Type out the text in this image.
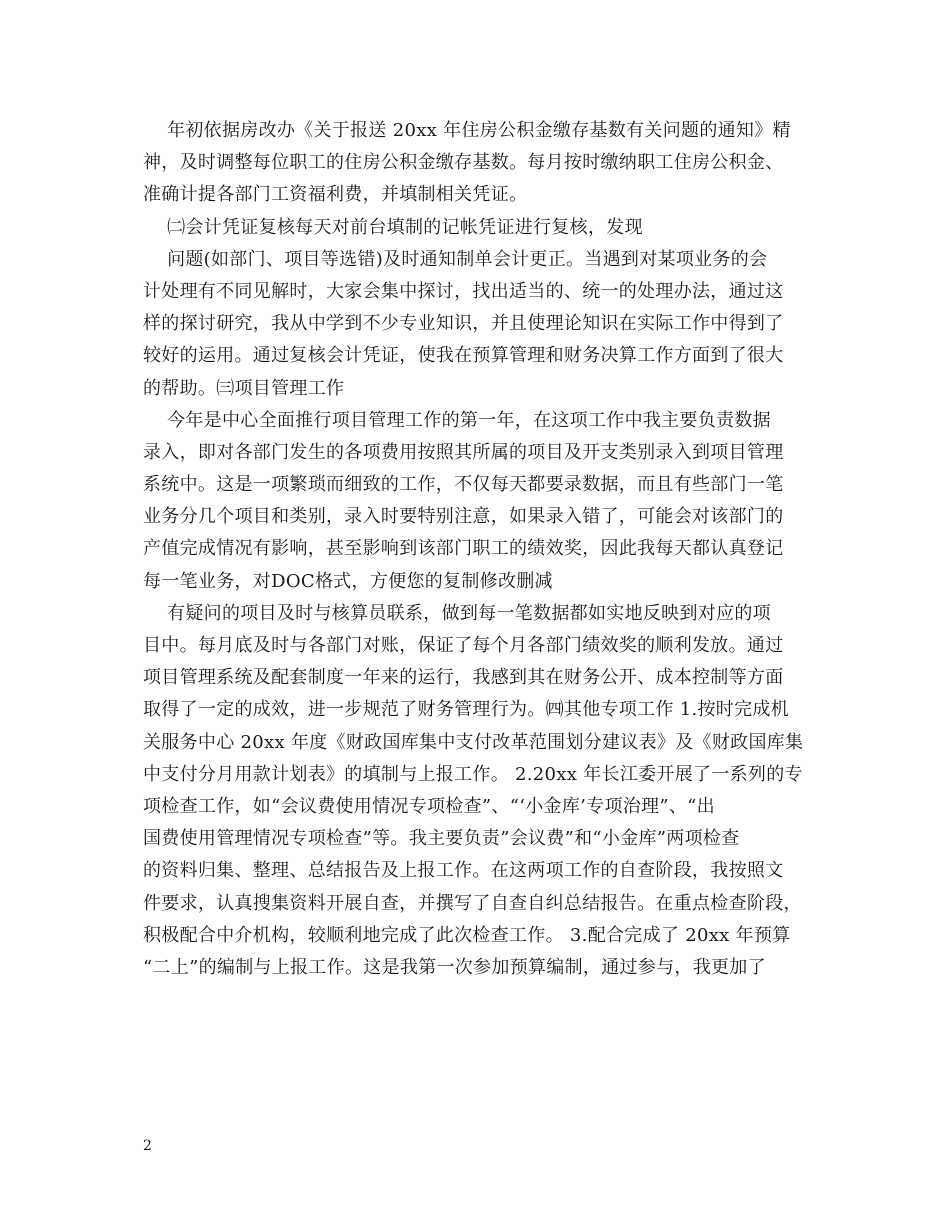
年初依据房改办《关于报送 20xx 年住房公积金缴存基数有关问题的通知》精
神，及时调整每位职工的住房公积金缴存基数。每月按时缴纳职工住房公积金、
准确计提各部门工资福利费，并填制相关凭证。
㈡会计凭证复核每天对前台填制的记帐凭证进行复核，发现
问题(如部门、项目等选错)及时通知制单会计更正。当遇到对某项业务的会
计处理有不同见解时，大家会集中探讨，找出适当的、统一的处理办法，通过这
样的探讨研究，我从中学到不少专业知识，并且使理论知识在实际工作中得到了
较好的运用。通过复核会计凭证，使我在预算管理和财务决算工作方面到了很大
的帮助。㈢项目管理工作
今年是中心全面推行项目管理工作的第一年，在这项工作中我主要负责数据
录入，即对各部门发生的各项费用按照其所属的项目及开支类别录入到项目管理
系统中。这是一项繁琐而细致的工作，不仅每天都要录数据，而且有些部门一笔
业务分几个项目和类别，录入时要特别注意，如果录入错了，可能会对该部门的
产值完成情况有影响，甚至影响到该部门职工的绩效奖，因此我每天都认真登记
每一笔业务，对DOC格式，方便您的复制修改删减
有疑问的项目及时与核算员联系，做到每一笔数据都如实地反映到对应的项
目中。每月底及时与各部门对账，保证了每个月各部门绩效奖的顺利发放。通过
项目管理系统及配套制度一年来的运行，我感到其在财务公开、成本控制等方面
取得了一定的成效，进一步规范了财务管理行为。㈣其他专项工作 1.按时完成机
关服务中心 20xx 年度《财政国库集中支付改革范围划分建议表》及《财政国库集
中支付分月用款计划表》的填制与上报工作。 2.20xx 年长江委开展了一系列的专
项检查工作，如“会议费使用情况专项检查”、“‘小金库’专项治理”、“出
国费使用管理情况专项检查”等。我主要负责”会议费”和“小金库”两项检查
的资料归集、整理、总结报告及上报工作。在这两项工作的自查阶段，我按照文
件要求，认真搜集资料开展自查，并撰写了自查自纠总结报告。在重点检查阶段，
积极配合中介机构，较顺利地完成了此次检查工作。 3.配合完成了 20xx 年预算
“二上”的编制与上报工作。这是我第一次参加预算编制，通过参与，我更加了
2
